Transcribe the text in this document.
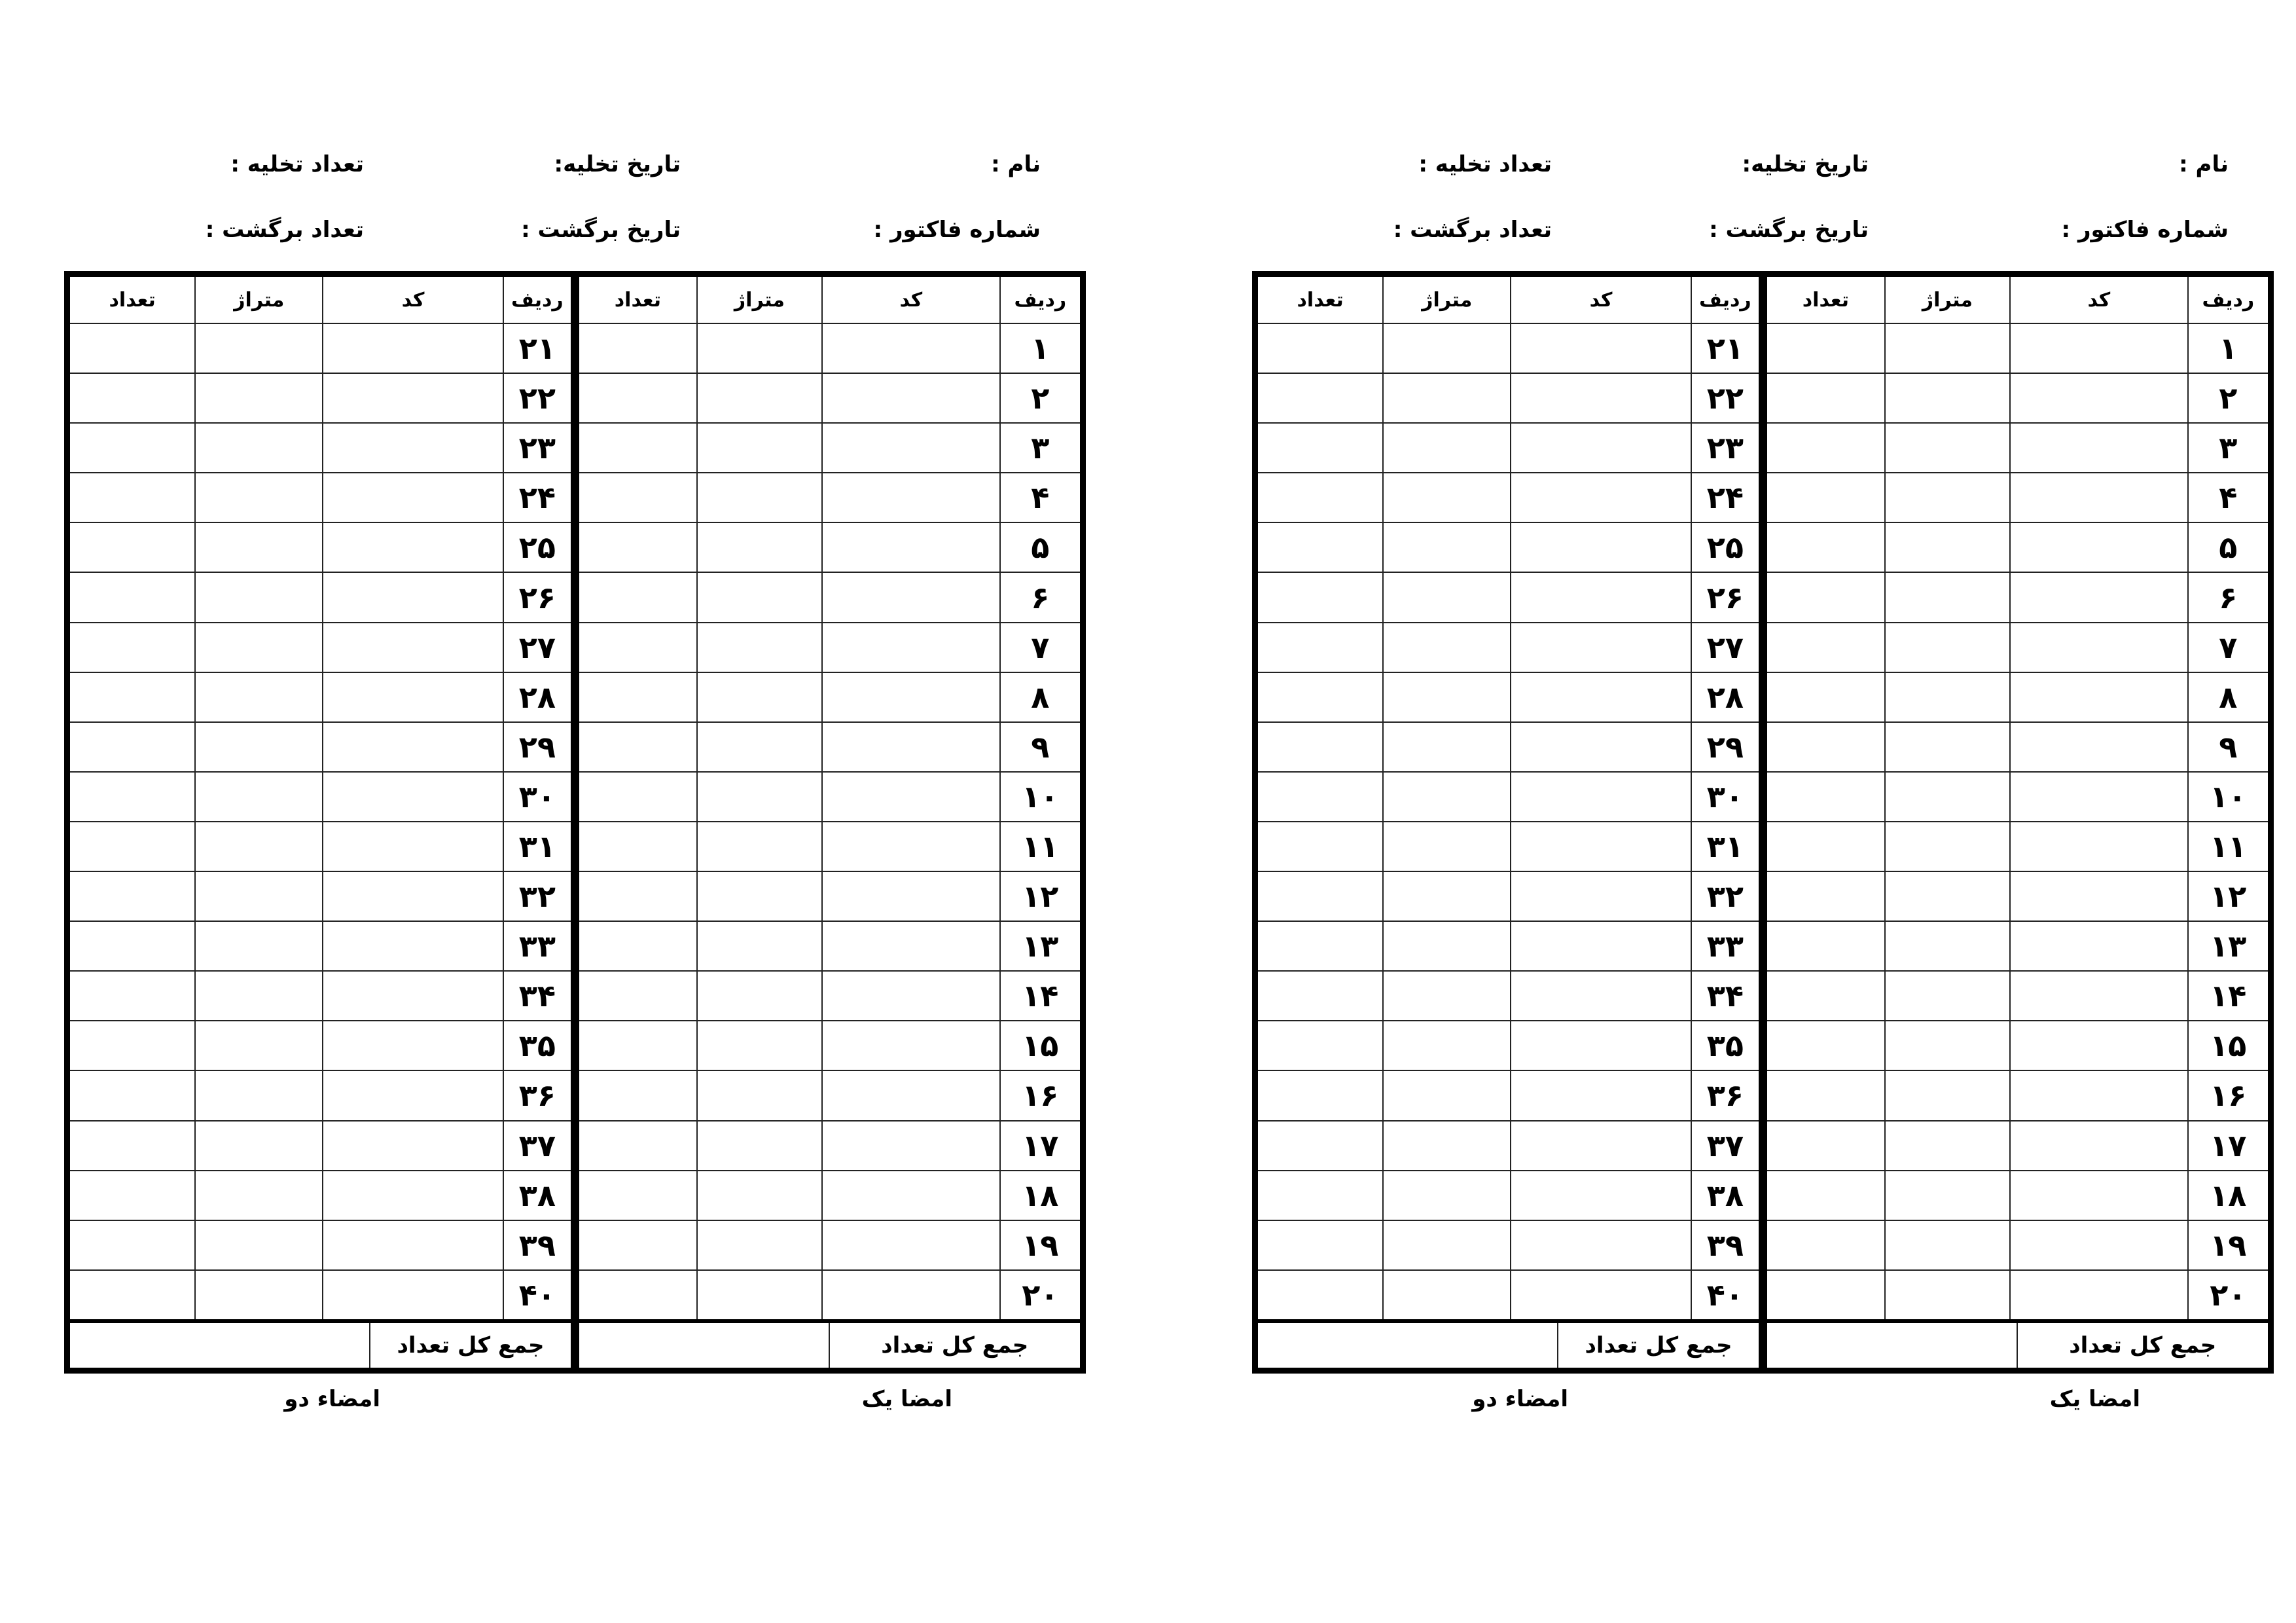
نام :
تاریخ تخلیه:
تعداد تخلیه :
شماره فاکتور :
تاریخ برگشت :
تعداد برگشت :
ردیف	کد	متراژ	تعداد
۱			
۲			
۳			
۴			
۵			
۶			
۷			
۸			
۹			
۱۰			
۱۱			
۱۲			
۱۳			
۱۴			
۱۵			
۱۶			
۱۷			
۱۸			
۱۹			
۲۰			
جمع کل تعداد
ردیف	کد	متراژ	تعداد
۲۱			
۲۲			
۲۳			
۲۴			
۲۵			
۲۶			
۲۷			
۲۸			
۲۹			
۳۰			
۳۱			
۳۲			
۳۳			
۳۴			
۳۵			
۳۶			
۳۷			
۳۸			
۳۹			
۴۰			
جمع کل تعداد
امضا یک
امضاء دو
نام :
تاریخ تخلیه:
تعداد تخلیه :
شماره فاکتور :
تاریخ برگشت :
تعداد برگشت :
ردیف	کد	متراژ	تعداد
۱			
۲			
۳			
۴			
۵			
۶			
۷			
۸			
۹			
۱۰			
۱۱			
۱۲			
۱۳			
۱۴			
۱۵			
۱۶			
۱۷			
۱۸			
۱۹			
۲۰			
جمع کل تعداد
ردیف	کد	متراژ	تعداد
۲۱			
۲۲			
۲۳			
۲۴			
۲۵			
۲۶			
۲۷			
۲۸			
۲۹			
۳۰			
۳۱			
۳۲			
۳۳			
۳۴			
۳۵			
۳۶			
۳۷			
۳۸			
۳۹			
۴۰			
جمع کل تعداد
امضا یک
امضاء دو
